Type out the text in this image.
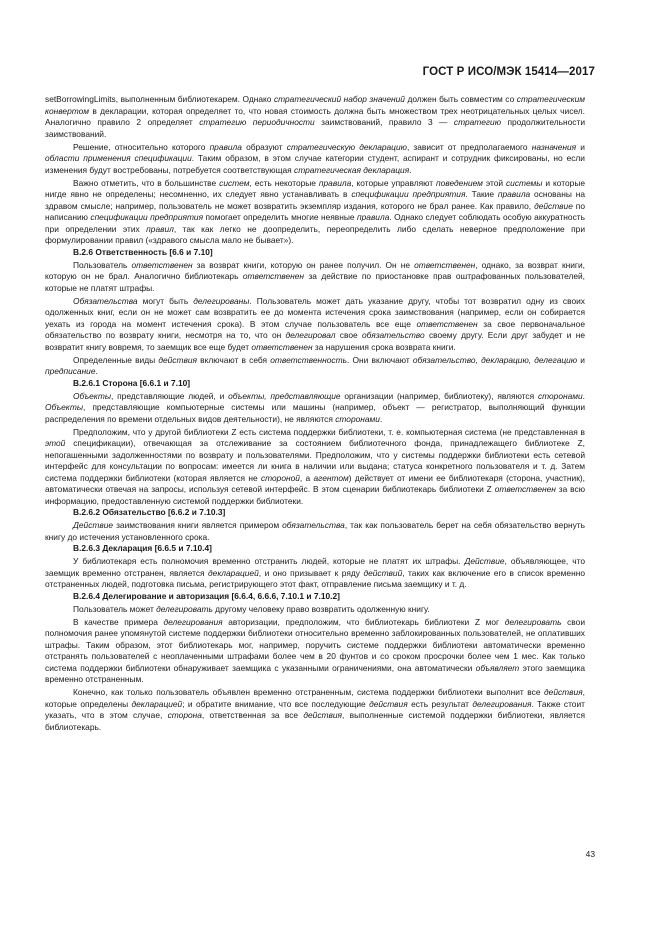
ГОСТ Р ИСО/МЭК 15414—2017

setBorrowingLimits, выполненным библиотекарем. Однако стратегический набор значений должен быть совместим со стратегическим конвертом в декларации, которая определяет то, что новая стоимость должна быть множеством трех неотрицательных целых чисел. Аналогично правило 2 определяет стратегию периодичности заимствований, правило 3 — стратегию продолжительности заимствований.

Решение, относительно которого правила образуют стратегическую декларацию, зависит от предполагаемого назначения и области применения спецификации. Таким образом, в этом случае категории студент, аспирант и сотрудник фиксированы, но если изменения будут востребованы, потребуется соответствующая стратегическая декларация.

Важно отметить, что в большинстве систем, есть некоторые правила, которые управляют поведением этой системы и которые нигде явно не определены; несомненно, их следует явно устанавливать в спецификации предприятия. Такие правила основаны на здравом смысле; например, пользователь не может возвратить экземпляр издания, которого не брал ранее. Как правило, действие по написанию спецификации предприятия помогает определить многие неявные правила. Однако следует соблюдать особую аккуратность при определении этих правил, так как легко не доопределить, переопределить либо сделать неверное предположение при формулировании правил («здравого смысла мало не бывает»).

В.2.6 Ответственность [6.6 и 7.10]

Пользователь ответственен за возврат книги, которую он ранее получил. Он не ответственен, однако, за возврат книги, которую он не брал. Аналогично библиотекарь ответственен за действие по приостановке прав оштрафованных пользователей, которые не платят штрафы.

Обязательства могут быть делегированы. Пользователь может дать указание другу, чтобы тот возвратил одну из своих одолженных книг, если он не может сам возвратить ее до момента истечения срока заимствования (например, если он собирается уехать из города на момент истечения срока). В этом случае пользователь все еще ответственен за свое первоначальное обязательство по возврату книги, несмотря на то, что он делегировал свое обязательство своему другу. Если друг забудет и не возвратит книгу вовремя, то заемщик все еще будет ответственен за нарушения срока возврата книги.

Определенные виды действия включают в себя ответственность. Они включают обязательство, декларацию, делегацию и предписание.

В.2.6.1 Сторона [6.6.1 и 7.10]

Объекты, представляющие людей, и объекты, представляющие организации (например, библиотеку), являются сторонами. Объекты, представляющие компьютерные системы или машины (например, объект — регистратор, выполняющий функции распределения по времени отдельных видов деятельности), не являются сторонами.

Предположим, что у другой библиотеки Z есть система поддержки библиотеки, т. е. компьютерная система (не представленная в этой спецификации), отвечающая за отслеживание за состоянием библиотечного фонда, принадлежащего библиотеке Z, непогашенными задолженностями по возврату и пользователями. Предположим, что у системы поддержки библиотеки есть сетевой интерфейс для консультации по вопросам: имеется ли книга в наличии или выдана; статуса конкретного пользователя и т. д. Затем система поддержки библиотеки (которая является не стороной, а агентом) действует от имени ее библиотекаря (сторона, участник), автоматически отвечая на запросы, используя сетевой интерфейс. В этом сценарии библиотекарь библиотеки Z ответственен за всю информацию, предоставленную системой поддержки библиотеки.

В.2.6.2 Обязательство [6.6.2 и 7.10.3]

Действие заимствования книги является примером обязательства, так как пользователь берет на себя обязательство вернуть книгу до истечения установленного срока.

В.2.6.3 Декларация [6.6.5 и 7.10.4]

У библиотекаря есть полномочия временно отстранить людей, которые не платят их штрафы. Действие, объявляющее, что заемщик временно отстранен, является декларацией, и оно призывает к ряду действий, таких как включение его в список временно отстраненных людей, подготовка письма, регистрирующего этот факт, отправление письма заемщику и т. д.

В.2.6.4 Делегирование и авторизация [6.6.4, 6.6.6, 7.10.1 и 7.10.2]

Пользователь может делегировать другому человеку право возвратить одолженную книгу.

В качестве примера делегирования авторизации, предположим, что библиотекарь библиотеки Z мог делегировать свои полномочия ранее упомянутой системе поддержки библиотеки относительно временно заблокированных пользователей, не оплативших штрафы. Таким образом, этот библиотекарь мог, например, поручить системе поддержки библиотеки автоматически временно отстранять пользователей с неоплаченными штрафами более чем в 20 фунтов и со сроком просрочки более чем 1 мес. Как только система поддержки библиотеки обнаруживает заемщика с указанными ограничениями, она автоматически объявляет этого заемщика временно отстраненным.

Конечно, как только пользователь объявлен временно отстраненным, система поддержки библиотеки выполнит все действия, которые определены декларацией; и обратите внимание, что все последующие действия есть результат делегирования. Также стоит указать, что в этом случае, сторона, ответственная за все действия, выполненные системой поддержки библиотеки, является библиотекарь.

43
